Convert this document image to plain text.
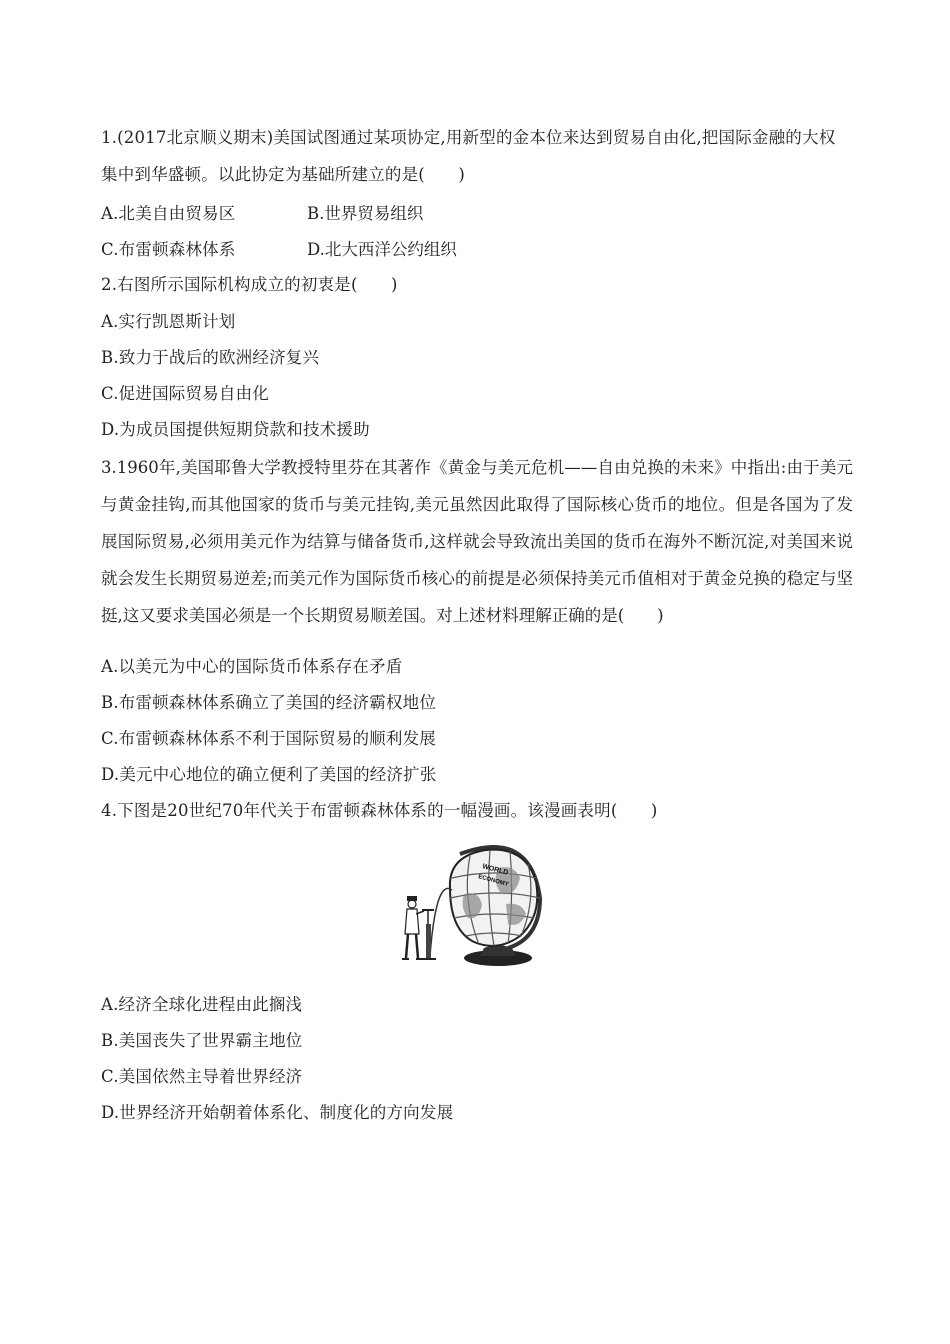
1.(2017北京顺义期末)美国试图通过某项协定,用新型的金本位来达到贸易自由化,把国际金融的大权
集中到华盛顿。以此协定为基础所建立的是(　　)
A.北美自由贸易区	B.世界贸易组织
C.布雷顿森林体系	D.北大西洋公约组织
2.右图所示国际机构成立的初衷是(　　)
A.实行凯恩斯计划
B.致力于战后的欧洲经济复兴
C.促进国际贸易自由化
D.为成员国提供短期贷款和技术援助
3.1960年,美国耶鲁大学教授特里芬在其著作《黄金与美元危机——自由兑换的未来》中指出:由于美元与黄金挂钩,而其他国家的货币与美元挂钩,美元虽然因此取得了国际核心货币的地位。但是各国为了发展国际贸易,必须用美元作为结算与储备货币,这样就会导致流出美国的货币在海外不断沉淀,对美国来说就会发生长期贸易逆差;而美元作为国际货币核心的前提是必须保持美元币值相对于黄金兑换的稳定与坚挺,这又要求美国必须是一个长期贸易顺差国。对上述材料理解正确的是(　　)
A.以美元为中心的国际货币体系存在矛盾
B.布雷顿森林体系确立了美国的经济霸权地位
C.布雷顿森林体系不利于国际贸易的顺利发展
D.美元中心地位的确立便利了美国的经济扩张
4.下图是20世纪70年代关于布雷顿森林体系的一幅漫画。该漫画表明(　　)
WORLD
ECONOMY
A.经济全球化进程由此搁浅
B.美国丧失了世界霸主地位
C.美国依然主导着世界经济
D.世界经济开始朝着体系化、制度化的方向发展
